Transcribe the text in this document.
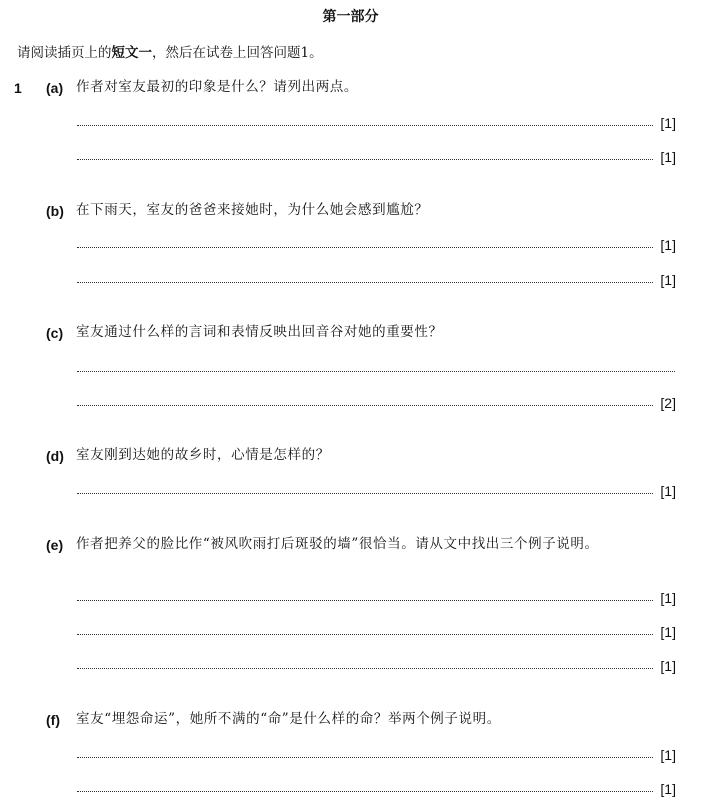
第一部分
请阅读插页上的短文一，然后在试卷上回答问题1。
1 (a) 作者对室友最初的印象是什么？请列出两点。
[1]
[1]
(b) 在下雨天，室友的爸爸来接她时，为什么她会感到尴尬？
[1]
[1]
(c) 室友通过什么样的言词和表情反映出回音谷对她的重要性？
[2]
(d) 室友刚到达她的故乡时，心情是怎样的？
[1]
(e) 作者把养父的脸比作“被风吹雨打后斑驳的墙”很恰当。请从文中找出三个例子说明。
[1]
[1]
[1]
(f) 室友“埋怨命运”，她所不满的“命”是什么样的命？举两个例子说明。
[1]
[1]
